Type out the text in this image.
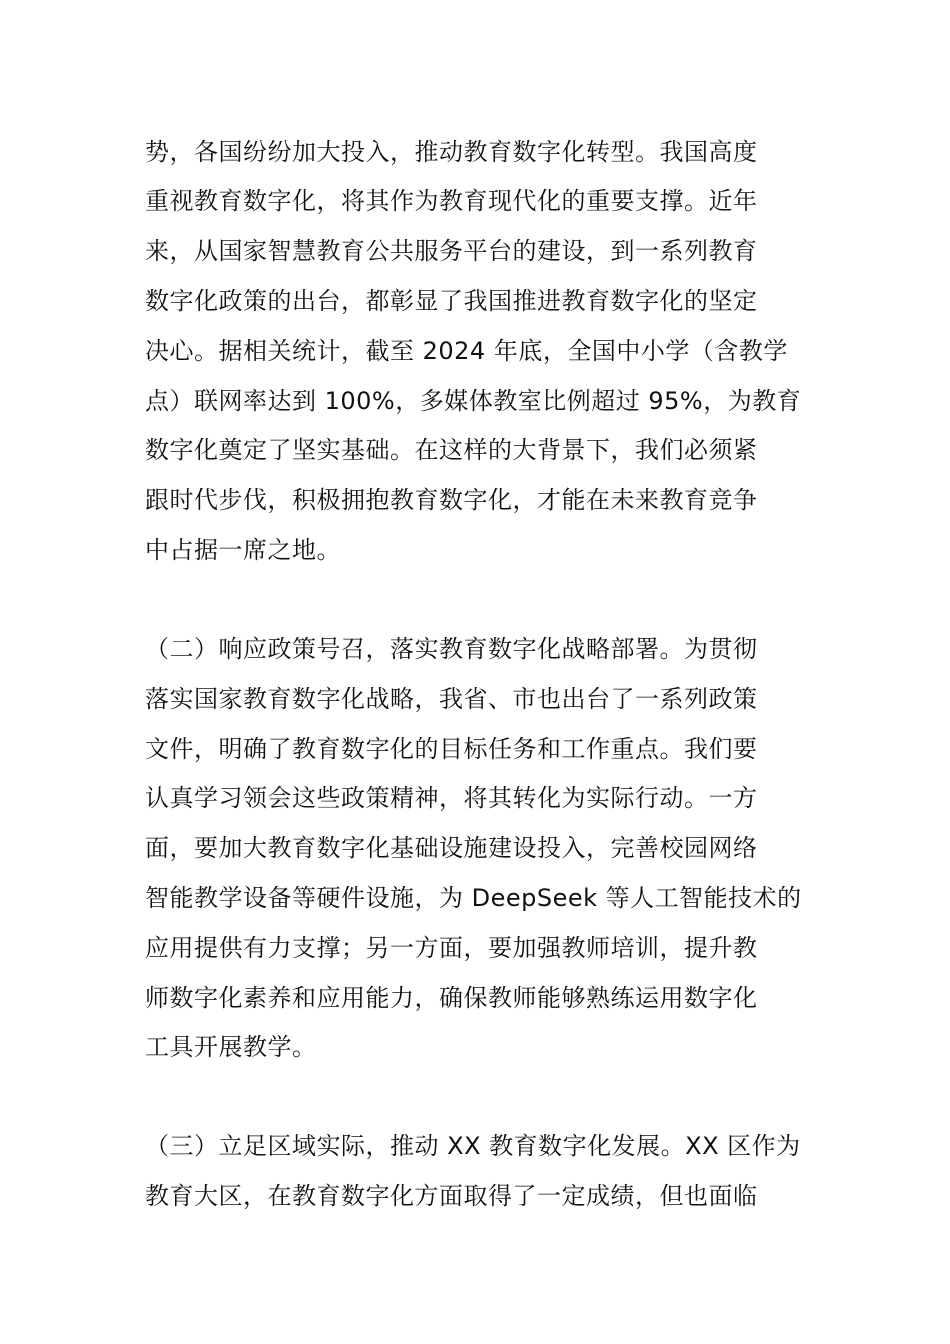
势，各国纷纷加大投入，推动教育数字化转型。我国高度
重视教育数字化，将其作为教育现代化的重要支撑。近年
来，从国家智慧教育公共服务平台的建设，到一系列教育
数字化政策的出台，都彰显了我国推进教育数字化的坚定
决心。据相关统计，截至 2024 年底，全国中小学（含教学
点）联网率达到 100%，多媒体教室比例超过 95%，为教育
数字化奠定了坚实基础。在这样的大背景下，我们必须紧
跟时代步伐，积极拥抱教育数字化，才能在未来教育竞争
中占据一席之地。
（二）响应政策号召，落实教育数字化战略部署。为贯彻
落实国家教育数字化战略，我省、市也出台了一系列政策
文件，明确了教育数字化的目标任务和工作重点。我们要
认真学习领会这些政策精神，将其转化为实际行动。一方
面，要加大教育数字化基础设施建设投入，完善校园网络
智能教学设备等硬件设施，为 DeepSeek 等人工智能技术的
应用提供有力支撑；另一方面，要加强教师培训，提升教
师数字化素养和应用能力，确保教师能够熟练运用数字化
工具开展教学。
（三）立足区域实际，推动 XX 教育数字化发展。XX 区作为
教育大区，在教育数字化方面取得了一定成绩，但也面临
